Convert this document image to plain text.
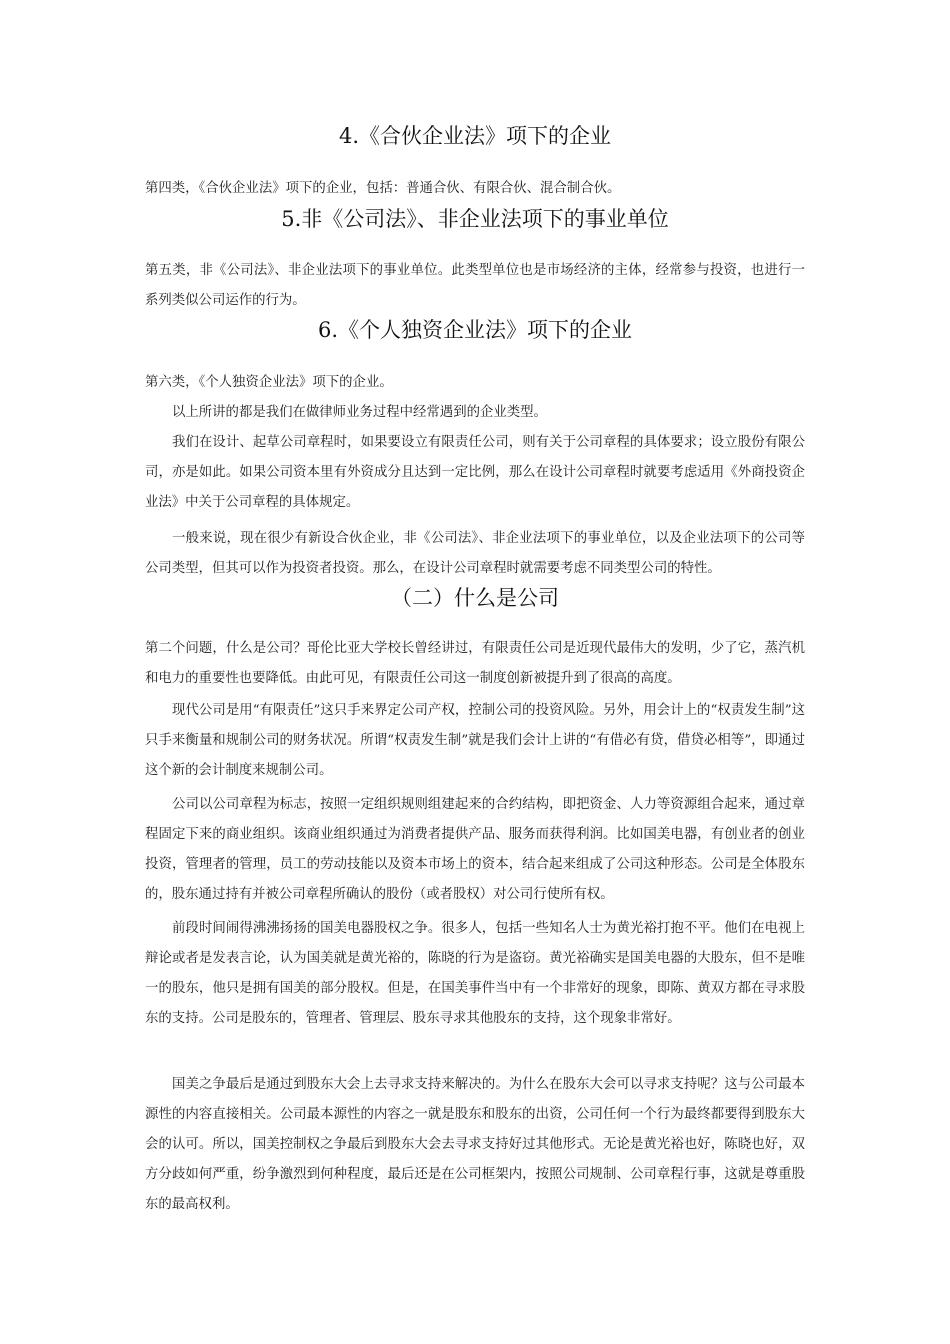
4.《合伙企业法》项下的企业
第四类，《合伙企业法》项下的企业，包括：普通合伙、有限合伙、混合制合伙。
5.非《公司法》、非企业法项下的事业单位
第五类，非《公司法》、非企业法项下的事业单位。此类型单位也是市场经济的主体，经常参与投资，也进行一系列类似公司运作的行为。
6.《个人独资企业法》项下的企业
第六类，《个人独资企业法》项下的企业。
以上所讲的都是我们在做律师业务过程中经常遇到的企业类型。
我们在设计、起草公司章程时，如果要设立有限责任公司，则有关于公司章程的具体要求；设立股份有限公司，亦是如此。如果公司资本里有外资成分且达到一定比例，那么在设计公司章程时就要考虑适用《外商投资企业法》中关于公司章程的具体规定。
一般来说，现在很少有新设合伙企业，非《公司法》、非企业法项下的事业单位，以及企业法项下的公司等公司类型，但其可以作为投资者投资。那么，在设计公司章程时就需要考虑不同类型公司的特性。
（二）什么是公司
第二个问题，什么是公司？哥伦比亚大学校长曾经讲过，有限责任公司是近现代最伟大的发明，少了它，蒸汽机和电力的重要性也要降低。由此可见，有限责任公司这一制度创新被提升到了很高的高度。
现代公司是用“有限责任”这只手来界定公司产权，控制公司的投资风险。另外，用会计上的“权责发生制”这只手来衡量和规制公司的财务状况。所谓“权责发生制”就是我们会计上讲的“有借必有贷，借贷必相等”，即通过这个新的会计制度来规制公司。
公司以公司章程为标志，按照一定组织规则组建起来的合约结构，即把资金、人力等资源组合起来，通过章程固定下来的商业组织。该商业组织通过为消费者提供产品、服务而获得利润。比如国美电器，有创业者的创业投资，管理者的管理，员工的劳动技能以及资本市场上的资本，结合起来组成了公司这种形态。公司是全体股东的，股东通过持有并被公司章程所确认的股份（或者股权）对公司行使所有权。
前段时间闹得沸沸扬扬的国美电器股权之争。很多人，包括一些知名人士为黄光裕打抱不平。他们在电视上辩论或者是发表言论，认为国美就是黄光裕的，陈晓的行为是盗窃。黄光裕确实是国美电器的大股东，但不是唯一的股东，他只是拥有国美的部分股权。但是，在国美事件当中有一个非常好的现象，即陈、黄双方都在寻求股东的支持。公司是股东的，管理者、管理层、股东寻求其他股东的支持，这个现象非常好。
国美之争最后是通过到股东大会上去寻求支持来解决的。为什么在股东大会可以寻求支持呢？这与公司最本源性的内容直接相关。公司最本源性的内容之一就是股东和股东的出资，公司任何一个行为最终都要得到股东大会的认可。所以，国美控制权之争最后到股东大会去寻求支持好过其他形式。无论是黄光裕也好，陈晓也好，双方分歧如何严重，纷争激烈到何种程度，最后还是在公司框架内，按照公司规制、公司章程行事，这就是尊重股东的最高权利。
